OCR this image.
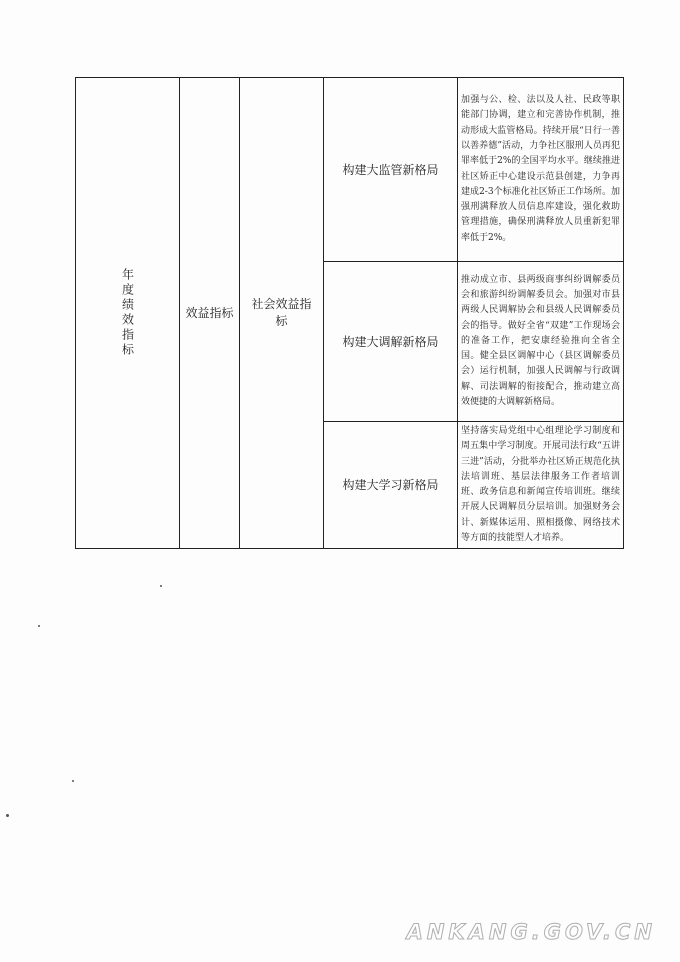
年度绩效指标	效益指标	社会效益指标	构建大监管新格局	加强与公、检、法以及人社、民政等职能部门协调，建立和完善协作机制，推动形成大监管格局。持续开展“日行一善 以善养德”活动，力争社区服刑人员再犯罪率低于2%的全国平均水平。继续推进社区矫正中心建设示范县创建，力争再建成2-3个标准化社区矫正工作场所。加强刑满释放人员信息库建设，强化救助管理措施，确保刑满释放人员重新犯罪率低于2%。

			构建大调解新格局	推动成立市、县两级商事纠纷调解委员会和旅游纠纷调解委员会。加强对市县两级人民调解协会和县级人民调解委员会的指导。做好全省“双建”工作现场会的准备工作，把安康经验推向全省全国。健全县区调解中心（县区调解委员会）运行机制，加强人民调解与行政调解、司法调解的衔接配合，推动建立高效便捷的大调解新格局。

			构建大学习新格局	坚持落实局党组中心组理论学习制度和周五集中学习制度。开展司法行政“五讲三进”活动，分批举办社区矫正规范化执法培训班、基层法律服务工作者培训班、政务信息和新闻宣传培训班。继续开展人民调解员分层培训。加强财务会计、新媒体运用、照相摄像、网络技术等方面的技能型人才培养。
ANKANG.GOV.CN
